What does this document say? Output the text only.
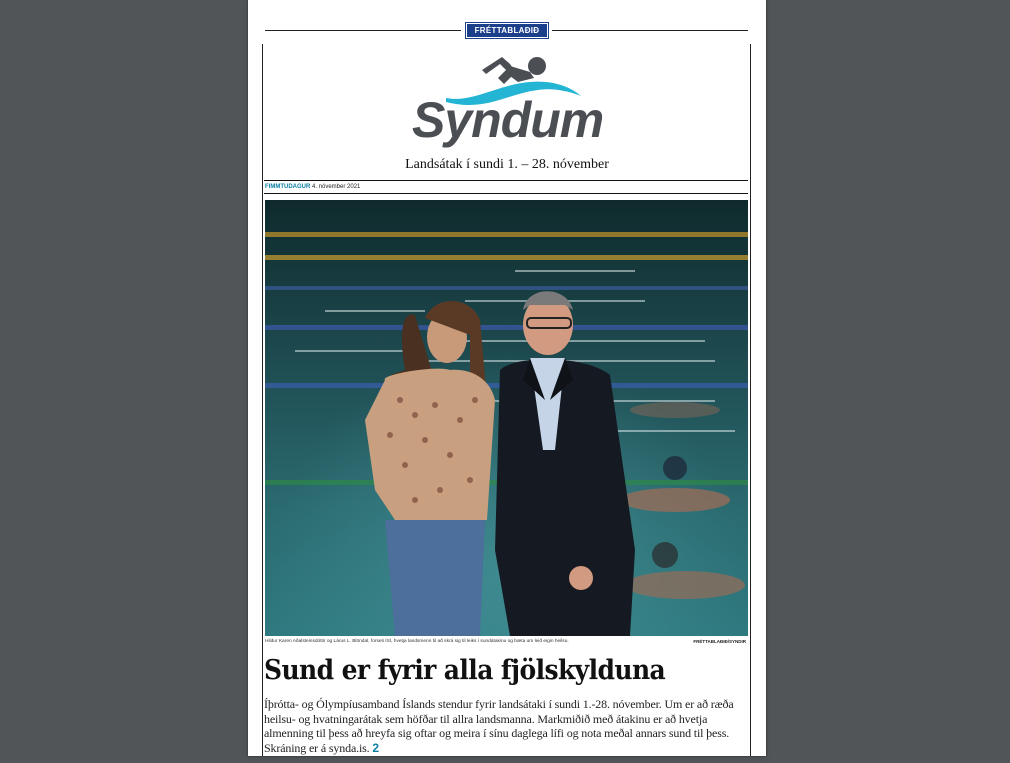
FRÉTTABLAÐIÐ
Syndum
Landsátak í sundi 1. – 28. nóvember
FIMMTUDAGUR 4. nóvember 2021
Hildur Karen Aðalsteinsdóttir og Lárus L. Blöndal, forseti ÍSÍ, hvetja landsmenn til að skrá sig til leiks í sundátakinu og bæta um leið eigin heilsu.	FRÉTTABLAÐIÐ/SYNDIR
Sund er fyrir alla fjölskylduna
Íþrótta- og Ólympíusamband Íslands stendur fyrir landsátaki í sundi 1.-28. nóvember. Um er að ræða heilsu- og hvatningarátak sem höfðar til allra landsmanna. Markmiðið með átakinu er að hvetja almenning til þess að hreyfa sig oftar og meira í sínu daglega lífi og nota meðal annars sund til þess. Skráning er á synda.is. 2
